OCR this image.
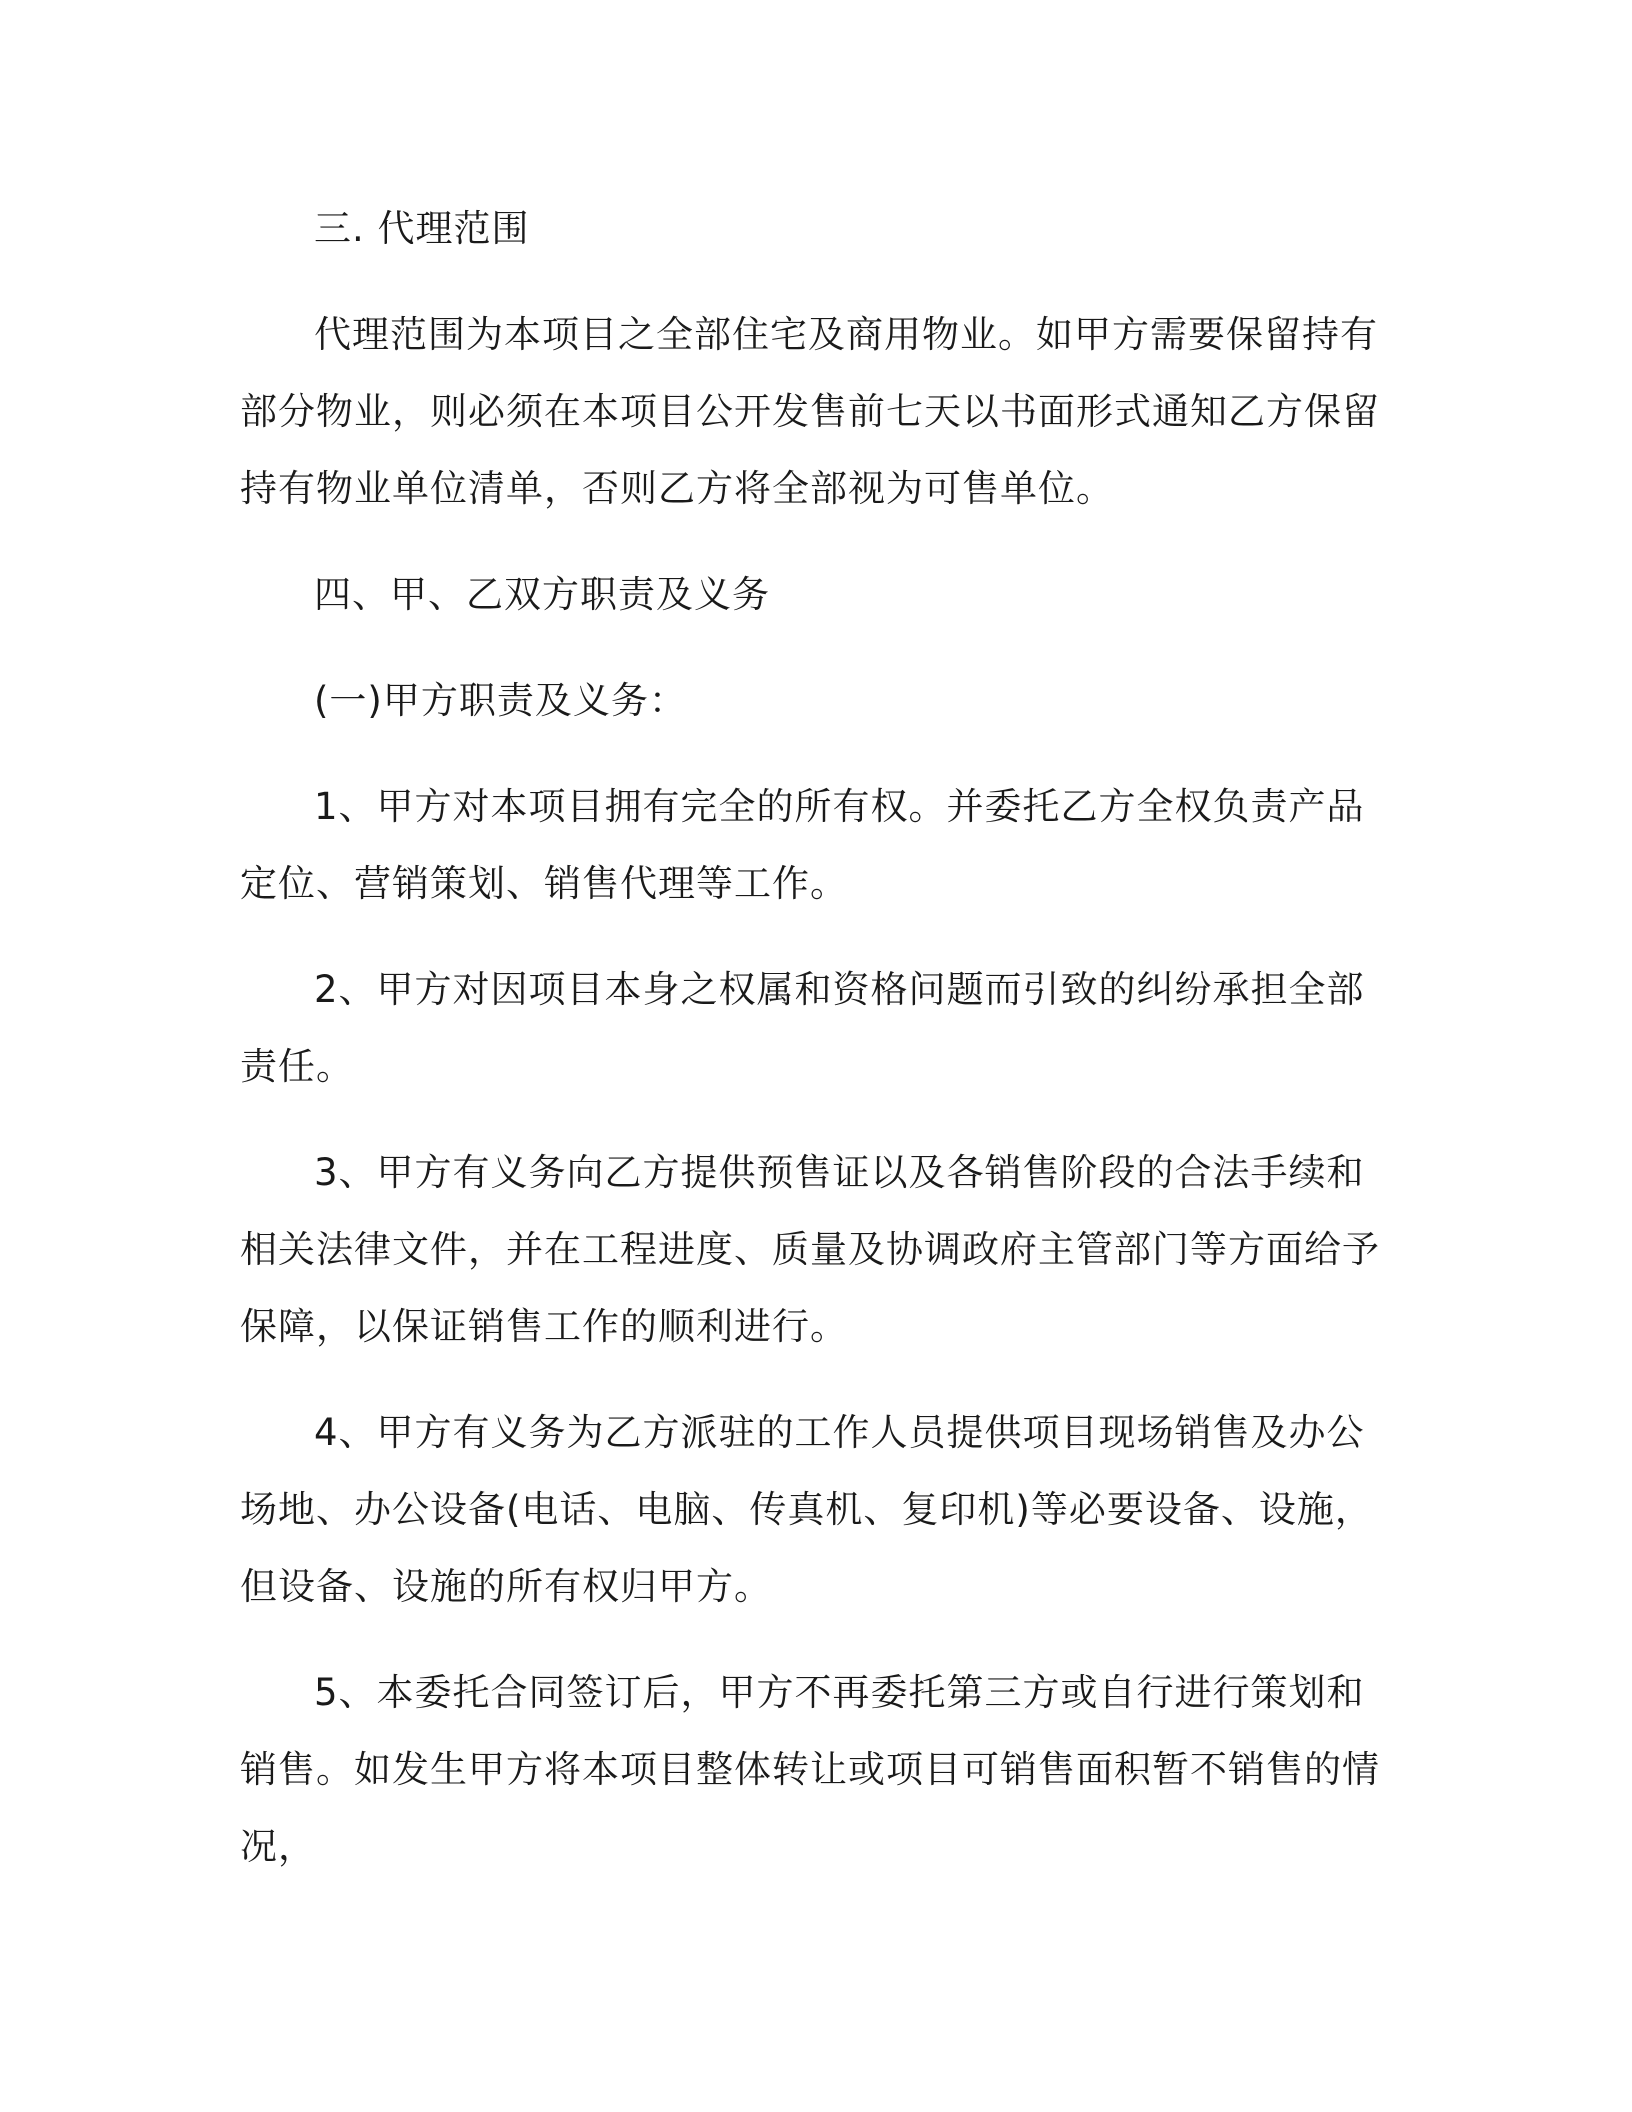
三. 代理范围

代理范围为本项目之全部住宅及商用物业。如甲方需要保留持有部分物业，则必须在本项目公开发售前七天以书面形式通知乙方保留持有物业单位清单，否则乙方将全部视为可售单位。

四、甲、乙双方职责及义务

(一)甲方职责及义务：

1、甲方对本项目拥有完全的所有权。并委托乙方全权负责产品定位、营销策划、销售代理等工作。

2、甲方对因项目本身之权属和资格问题而引致的纠纷承担全部责任。

3、甲方有义务向乙方提供预售证以及各销售阶段的合法手续和相关法律文件，并在工程进度、质量及协调政府主管部门等方面给予保障，以保证销售工作的顺利进行。

4、甲方有义务为乙方派驻的工作人员提供项目现场销售及办公场地、办公设备(电话、电脑、传真机、复印机)等必要设备、设施，但设备、设施的所有权归甲方。

5、本委托合同签订后，甲方不再委托第三方或自行进行策划和销售。如发生甲方将本项目整体转让或项目可销售面积暂不销售的情况，
